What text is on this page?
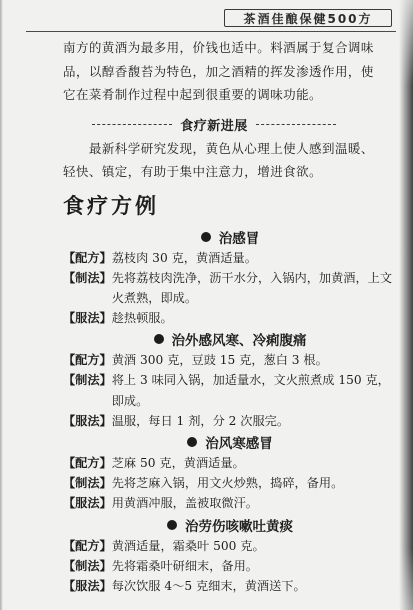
茶酒佳酿保健500方
南方的黄酒为最多用，价钱也适中。料酒属于复合调味
品，以醇香馥苔为特色，加之酒精的挥发渗透作用，使
它在菜肴制作过程中起到很重要的调味功能。
食疗新进展
最新科学研究发现，黄色从心理上使人感到温暖、
轻快、镇定，有助于集中注意力，增进食欲。
食疗方例
治感冒
【配方】 荔枝肉 30 克，黄酒适量。
【制法】 先将荔枝肉洗净，沥干水分，入锅内，加黄酒，上文
火煮熟，即成。
【服法】 趁热顿服。
治外感风寒、冷痢腹痛
【配方】 黄酒 300 克，豆豉 15 克，葱白 3 根。
【制法】 将上 3 味同入锅，加适量水，文火煎煮成 150 克，
即成。
【服法】 温服，每日 1 剂，分 2 次服完。
治风寒感冒
【配方】 芝麻 50 克，黄酒适量。
【制法】 先将芝麻入锅，用文火炒熟，捣碎，备用。
【服法】 用黄酒冲服，盖被取微汗。
治劳伤咳嗽吐黄痰
【配方】 黄酒适量，霜桑叶 500 克。
【制法】 先将霜桑叶研细末，备用。
【服法】 每次饮服 4～5 克细末，黄酒送下。
